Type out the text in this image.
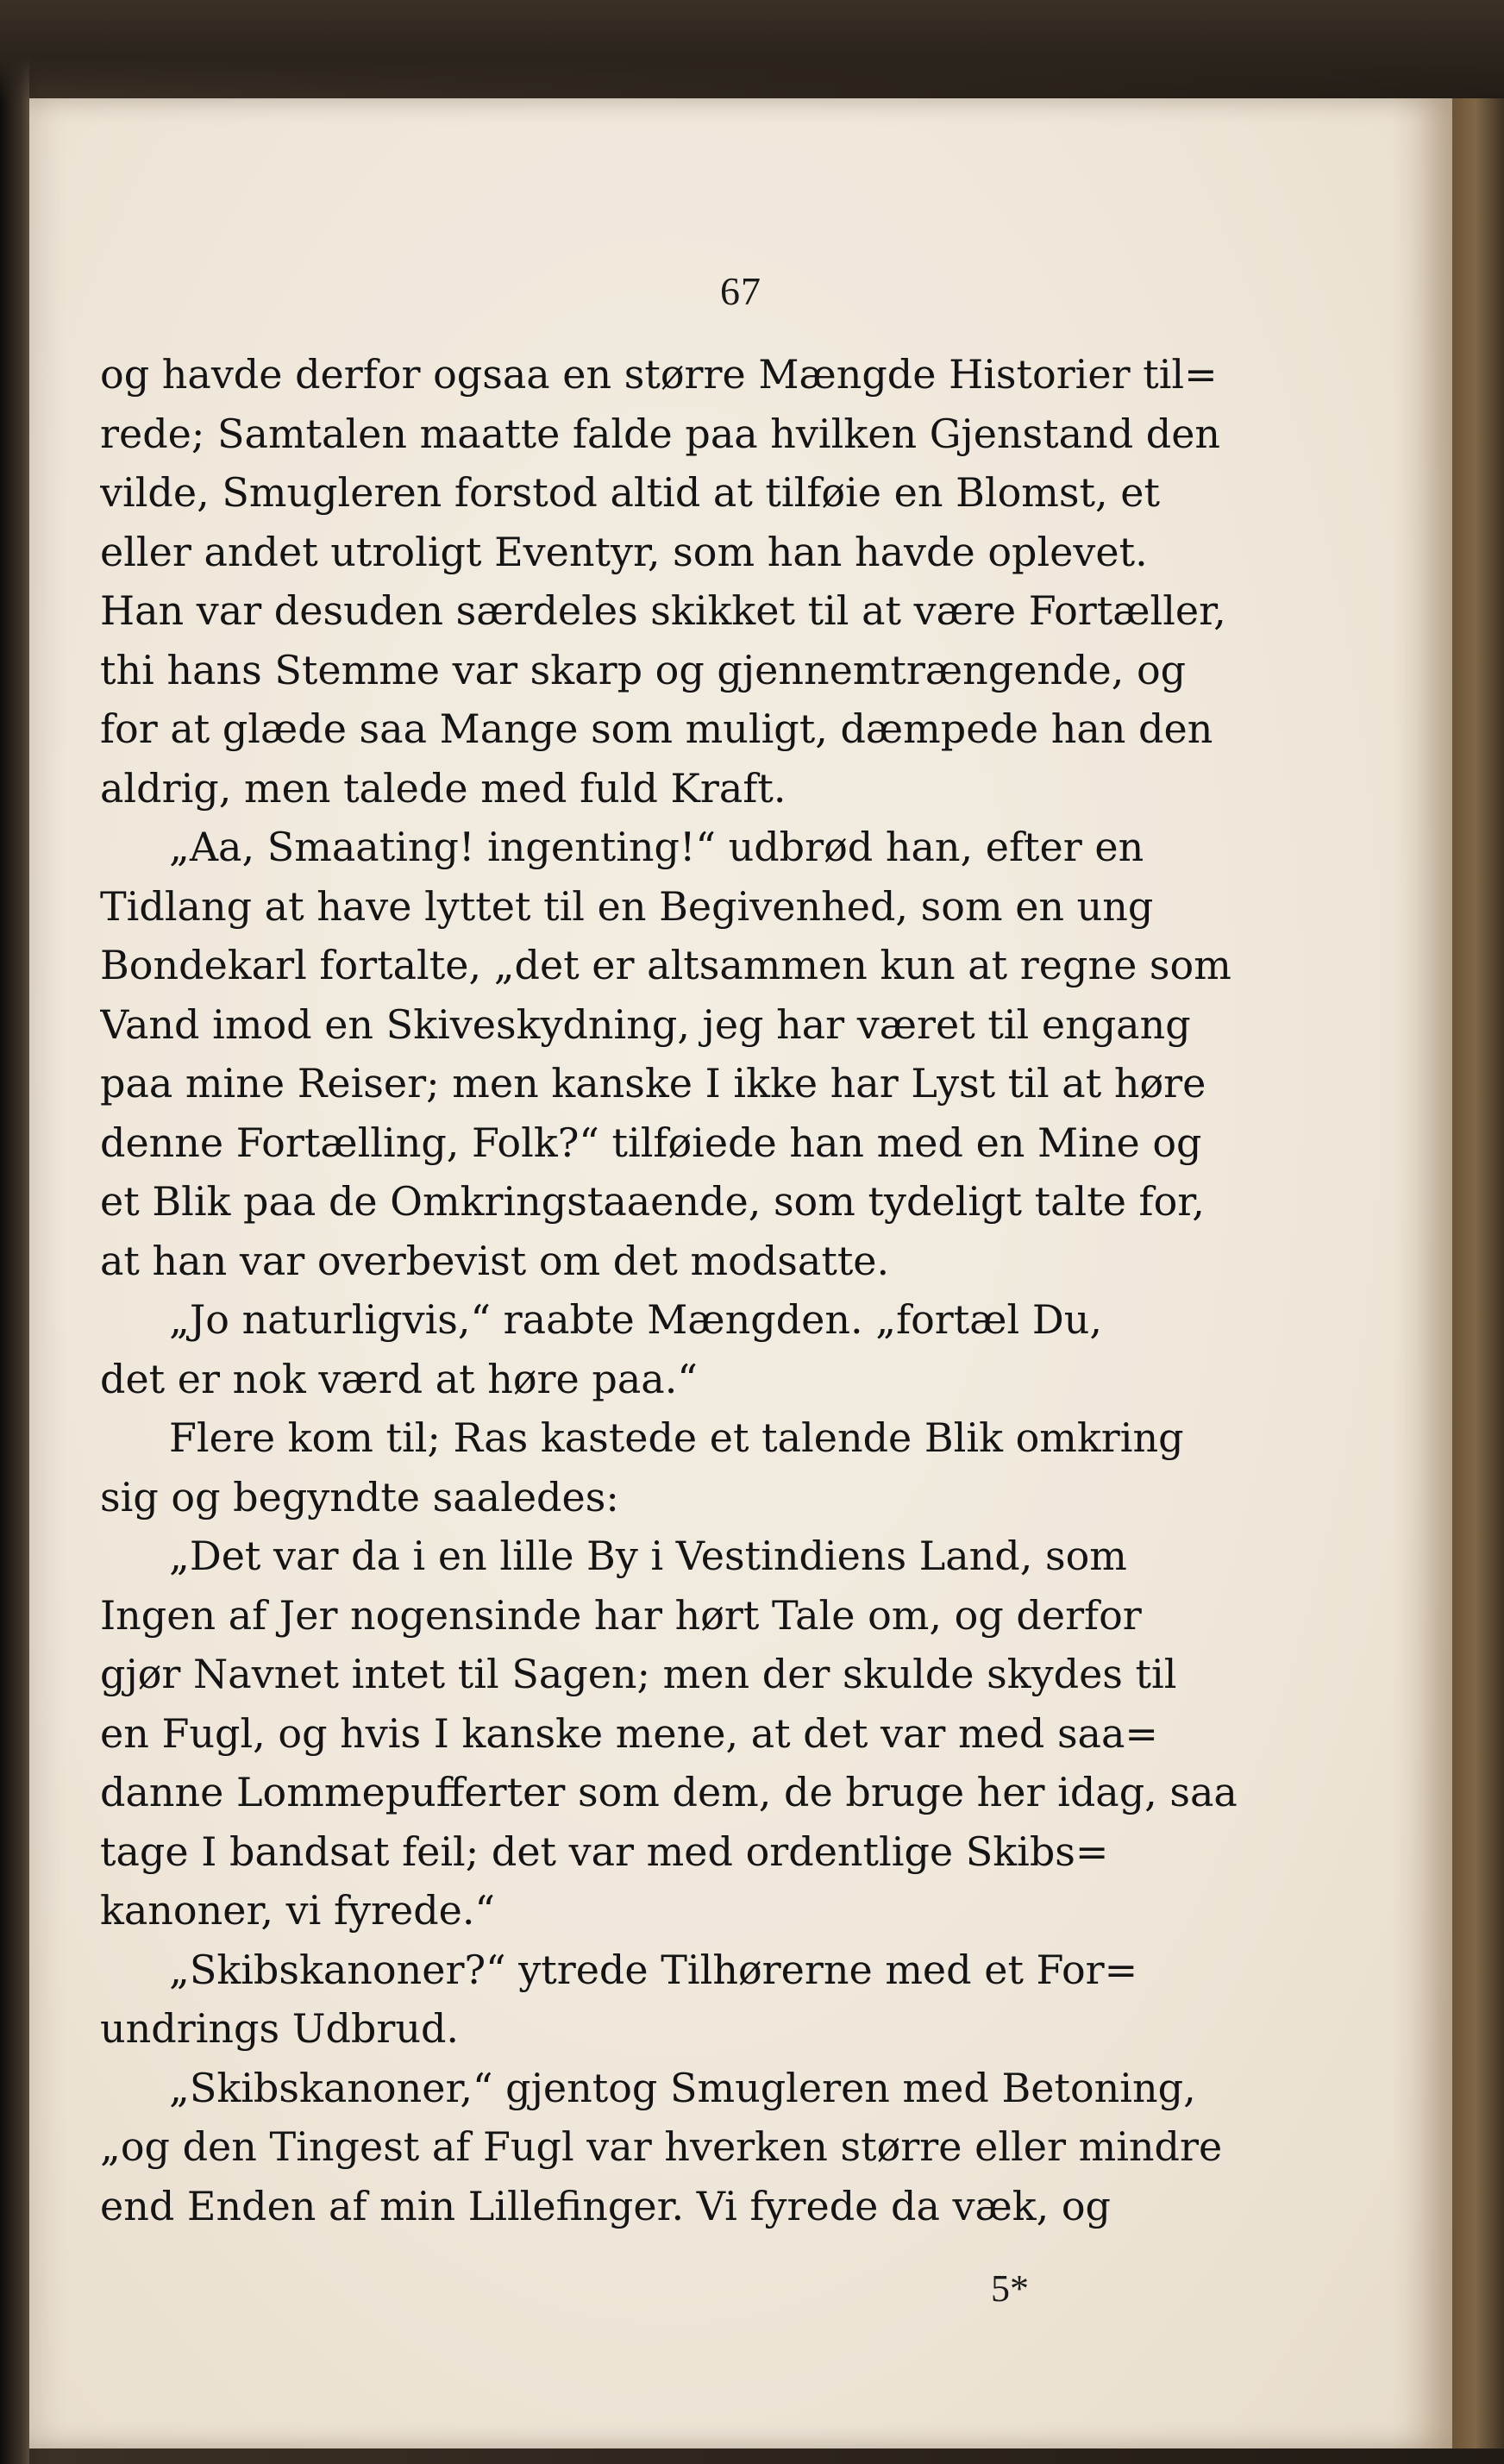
67
og havde derfor ogsaa en større Mængde Historier til=
rede; Samtalen maatte falde paa hvilken Gjenstand den
vilde, Smugleren forstod altid at tilføie en Blomst, et
eller andet utroligt Eventyr, som han havde oplevet.
Han var desuden særdeles skikket til at være Fortæller,
thi hans Stemme var skarp og gjennemtrængende, og
for at glæde saa Mange som muligt, dæmpede han den
aldrig, men talede med fuld Kraft.
„Aa, Smaating! ingenting!“ udbrød han, efter en
Tidlang at have lyttet til en Begivenhed, som en ung
Bondekarl fortalte, „det er altsammen kun at regne som
Vand imod en Skiveskydning, jeg har været til engang
paa mine Reiser; men kanske I ikke har Lyst til at høre
denne Fortælling, Folk?“ tilføiede han med en Mine og
et Blik paa de Omkringstaaende, som tydeligt talte for,
at han var overbevist om det modsatte.
„Jo naturligvis,“ raabte Mængden. „fortæl Du,
det er nok værd at høre paa.“
Flere kom til; Ras kastede et talende Blik omkring
sig og begyndte saaledes:
„Det var da i en lille By i Vestindiens Land, som
Ingen af Jer nogensinde har hørt Tale om, og derfor
gjør Navnet intet til Sagen; men der skulde skydes til
en Fugl, og hvis I kanske mene, at det var med saa=
danne Lommepufferter som dem, de bruge her idag, saa
tage I bandsat feil; det var med ordentlige Skibs=
kanoner, vi fyrede.“
„Skibskanoner?“ ytrede Tilhørerne med et For=
undrings Udbrud.
„Skibskanoner,“ gjentog Smugleren med Betoning,
„og den Tingest af Fugl var hverken større eller mindre
end Enden af min Lillefinger. Vi fyrede da væk, og
5*
